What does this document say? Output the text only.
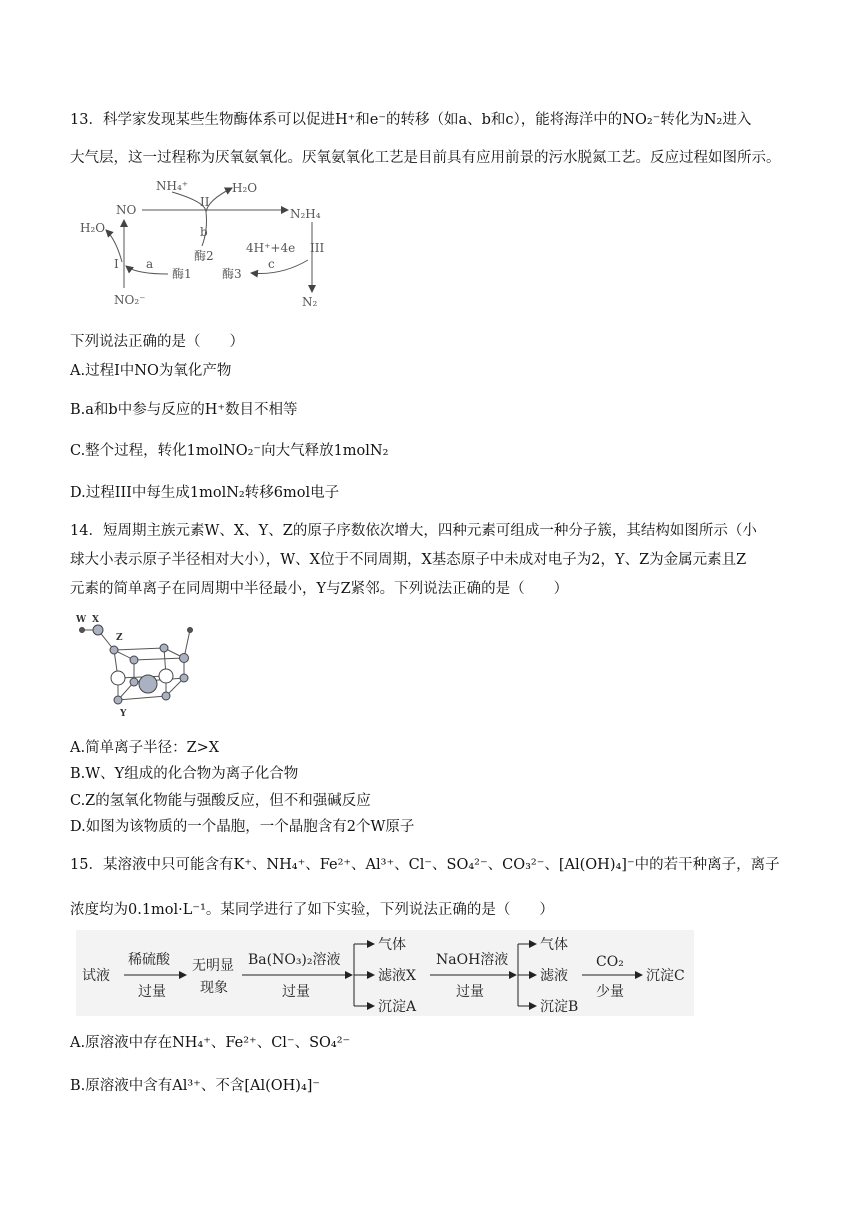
13．科学家发现某些生物酶体系可以促进H⁺和e⁻的转移（如a、b和c），能将海洋中的NO₂⁻转化为N₂进入
大气层，这一过程称为厌氧氨氧化。厌氧氨氧化工艺是目前具有应用前景的污水脱氮工艺。反应过程如图所示。
NH₄⁺	H₂O
II
NO	N₂H₄
H₂O	b
4H⁺+4e III
酶2
I a	c
酶1	酶3
NO₂⁻	N₂
下列说法正确的是（　　）
A.过程Ⅰ中NO为氧化产物
B.a和b中参与反应的H⁺数目不相等
C.整个过程，转化1molNO₂⁻向大气释放1molN₂
D.过程III中每生成1molN₂转移6mol电子
14．短周期主族元素W、X、Y、Z的原子序数依次增大，四种元素可组成一种分子簇，其结构如图所示（小
球大小表示原子半径相对大小），W、X位于不同周期，X基态原子中未成对电子为2，Y、Z为金属元素且Z
元素的简单离子在同周期中半径最小，Y与Z紧邻。下列说法正确的是（　　）
W X
Z
Y
A.简单离子半径：Z>X
B.W、Y组成的化合物为离子化合物
C.Z的氢氧化物能与强酸反应，但不和强碱反应
D.如图为该物质的一个晶胞，一个晶胞含有2个W原子
15．某溶液中只可能含有K⁺、NH₄⁺、Fe²⁺、Al³⁺、Cl⁻、SO₄²⁻、CO₃²⁻、[Al(OH)₄]⁻中的若干种离子，离子
浓度均为0.1mol·L⁻¹。某同学进行了如下实验，下列说法正确的是（　　）
试液
稀硫酸
过量
无明显
现象
Ba(NO₃)₂溶液
过量
气体
滤液X
沉淀A
NaOH溶液
过量
气体
滤液
沉淀B
CO₂
少量
沉淀C
A.原溶液中存在NH₄⁺、Fe²⁺、Cl⁻、SO₄²⁻
B.原溶液中含有Al³⁺、不含[Al(OH)₄]⁻
